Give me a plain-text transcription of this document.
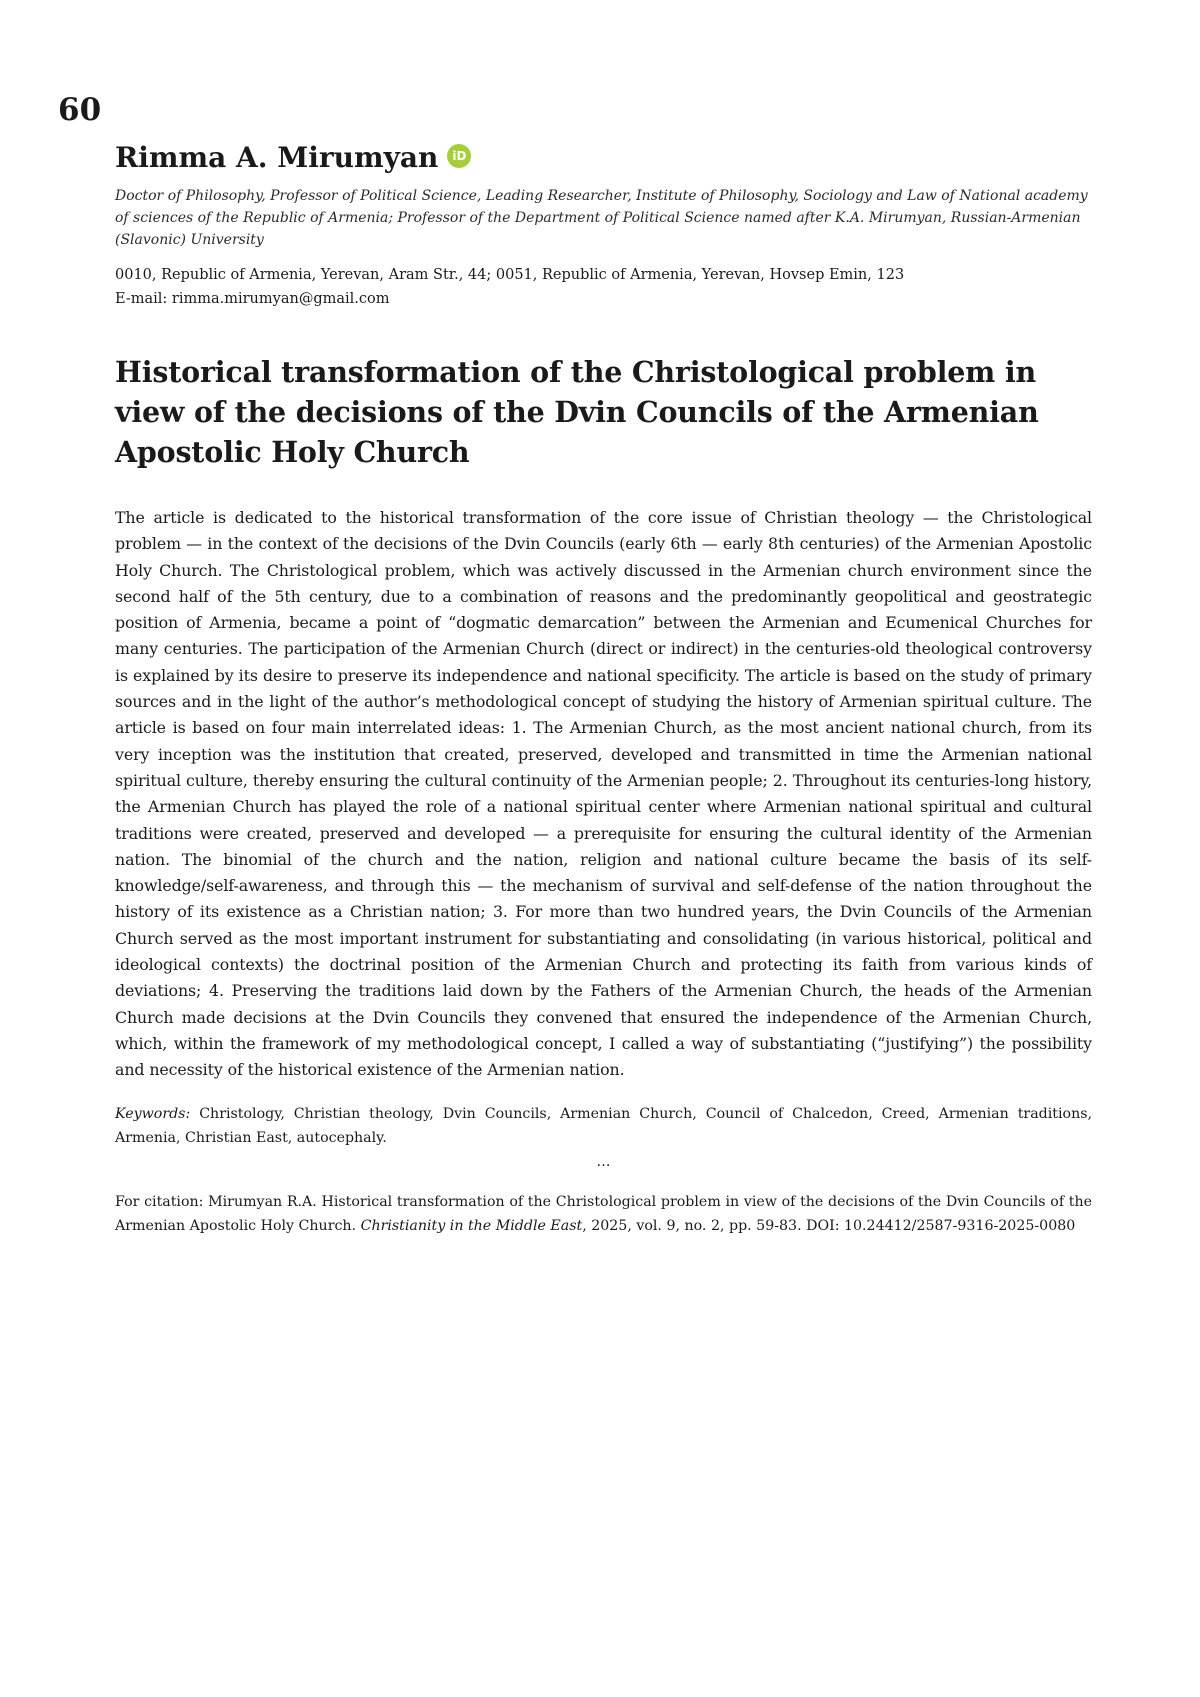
60
Rimma A. Mirumyan	iD

Doctor of Philosophy, Professor of Political Science, Leading Researcher, Institute of Philosophy, Sociology and Law of National academy of sciences of the Republic of Armenia; Professor of the Department of Political Science named after K.A. Mirumyan, Russian-Armenian (Slavonic) University

0010, Republic of Armenia, Yerevan, Aram Str., 44; 0051, Republic of Armenia, Yerevan, Hovsep Emin, 123
E-mail: rimma.mirumyan@gmail.com
Historical transformation of the Christological problem in view of the decisions of the Dvin Councils of the Armenian Apostolic Holy Church

The article is dedicated to the historical transformation of the core issue of Christian theology — the Christological problem — in the context of the decisions of the Dvin Councils (early 6th — early 8th centuries) of the Armenian Apostolic Holy Church. The Christological problem, which was actively discussed in the Armenian church environment since the second half of the 5th century, due to a combination of reasons and the predominantly geopolitical and geostrategic position of Armenia, became a point of “dogmatic demarcation” between the Armenian and Ecumenical Churches for many centuries. The participation of the Armenian Church (direct or indirect) in the centuries-old theological controversy is explained by its desire to preserve its independence and national specificity. The article is based on the study of primary sources and in the light of the author’s methodological concept of studying the history of Armenian spiritual culture. The article is based on four main interrelated ideas: 1. The Armenian Church, as the most ancient national church, from its very inception was the institution that created, preserved, developed and transmitted in time the Armenian national spiritual culture, thereby ensuring the cultural continuity of the Armenian people; 2. Throughout its centuries-long history, the Armenian Church has played the role of a national spiritual center where Armenian national spiritual and cultural traditions were created, preserved and developed — a prerequisite for ensuring the cultural identity of the Armenian nation. The binomial of the church and the nation, religion and national culture became the basis of its self-knowledge/self-awareness, and through this — the mechanism of survival and self-defense of the nation throughout the history of its existence as a Christian nation; 3. For more than two hundred years, the Dvin Councils of the Armenian Church served as the most important instrument for substantiating and consolidating (in various historical, political and ideological contexts) the doctrinal position of the Armenian Church and protecting its faith from various kinds of deviations; 4. Preserving the traditions laid down by the Fathers of the Armenian Church, the heads of the Armenian Church made decisions at the Dvin Councils they convened that ensured the independence of the Armenian Church, which, within the framework of my methodological concept, I called a way of substantiating (“justifying”) the possibility and necessity of the historical existence of the Armenian nation.

Keywords: Christology, Christian theology, Dvin Councils, Armenian Church, Council of Chalcedon, Creed, Armenian traditions, Armenia, Christian East, autocephaly.

…

For citation: Mirumyan R.A. Historical transformation of the Christological problem in view of the decisions of the Dvin Councils of the Armenian Apostolic Holy Church. Christianity in the Middle East, 2025, vol. 9, no. 2, pp. 59-83. DOI: 10.24412/2587-9316-2025-0080
